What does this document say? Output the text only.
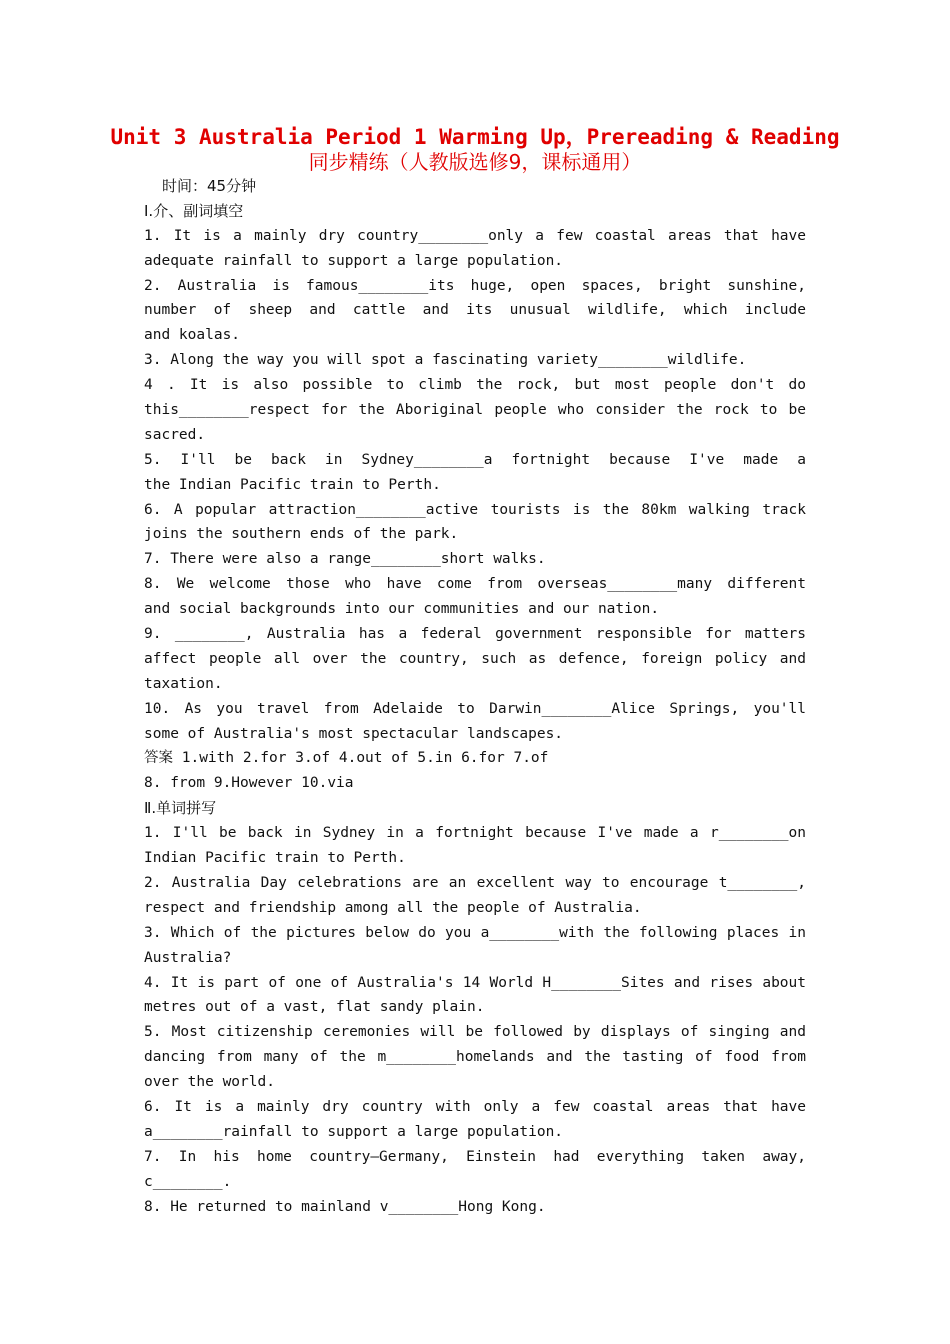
Unit 3 Australia Period 1 Warming Up，Prereading & Reading
同步精练（人教版选修9，课标通用）
时间：45分钟
Ⅰ.介、副词填空
1. It is a mainly dry country________only a few coastal areas that have
adequate rainfall to support a large population.
2. Australia is famous________its huge, open spaces, bright sunshine,
number of sheep and cattle and its unusual wildlife, which include
and koalas.
3. Along the way you will spot a fascinating variety________wildlife.
4 . It is also possible to climb the rock, but most people don't do
this________respect for the Aboriginal people who consider the rock to be
sacred.
5. I'll be back in Sydney________a fortnight because I've made a
the Indian Pacific train to Perth.
6. A popular attraction________active tourists is the 80km walking track
joins the southern ends of the park.
7. There were also a range________short walks.
8. We welcome those who have come from overseas________many different
and social backgrounds into our communities and our nation.
9. ________, Australia has a federal government responsible for matters
affect people all over the country, such as defence, foreign policy and
taxation.
10. As you travel from Adelaide to Darwin________Alice Springs, you'll
some of Australia's most spectacular landscapes.
答案 1.with 2.for 3.of 4.out of 5.in 6.for 7.of
8. from 9.However 10.via
Ⅱ.单词拼写
1. I'll be back in Sydney in a fortnight because I've made a r________on
Indian Pacific train to Perth.
2. Australia Day celebrations are an excellent way to encourage t________,
respect and friendship among all the people of Australia.
3. Which of the pictures below do you a________with the following places in
Australia?
4. It is part of one of Australia's 14 World H________Sites and rises about
metres out of a vast, flat sandy plain.
5. Most citizenship ceremonies will be followed by displays of singing and
dancing from many of the m________homelands and the tasting of food from
over the world.
6. It is a mainly dry country with only a few coastal areas that have
a________rainfall to support a large population.
7. In his home country—Germany, Einstein had everything taken away,
c________.
8. He returned to mainland v________Hong Kong.
